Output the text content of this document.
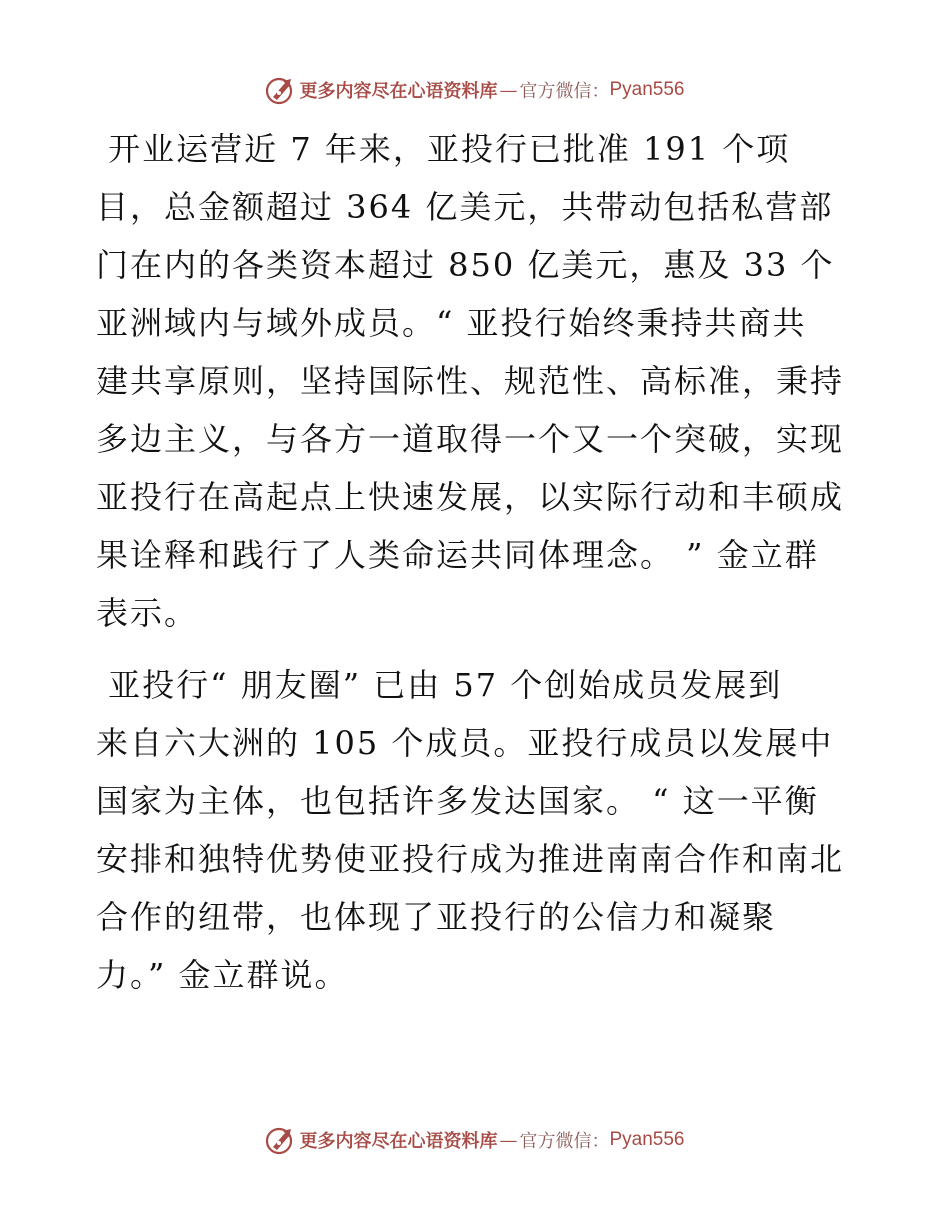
更多内容尽在心语资料库 — 官方微信： Pyan556
开业运营近 7 年来，亚投行已批准 191 个项
目，总金额超过 364 亿美元，共带动包括私营部
门在内的各类资本超过 850 亿美元，惠及 33 个
亚洲域内与域外成员。“ 亚投行始终秉持共商共
建共享原则，坚持国际性、规范性、高标准，秉持
多边主义，与各方一道取得一个又一个突破，实现
亚投行在高起点上快速发展，以实际行动和丰硕成
果诠释和践行了人类命运共同体理念。 ” 金立群
表示。
亚投行“ 朋友圈” 已由 57 个创始成员发展到
来自六大洲的 105 个成员。亚投行成员以发展中
国家为主体，也包括许多发达国家。 “ 这一平衡
安排和独特优势使亚投行成为推进南南合作和南北
合作的纽带，也体现了亚投行的公信力和凝聚
力。” 金立群说。
更多内容尽在心语资料库 — 官方微信： Pyan556
